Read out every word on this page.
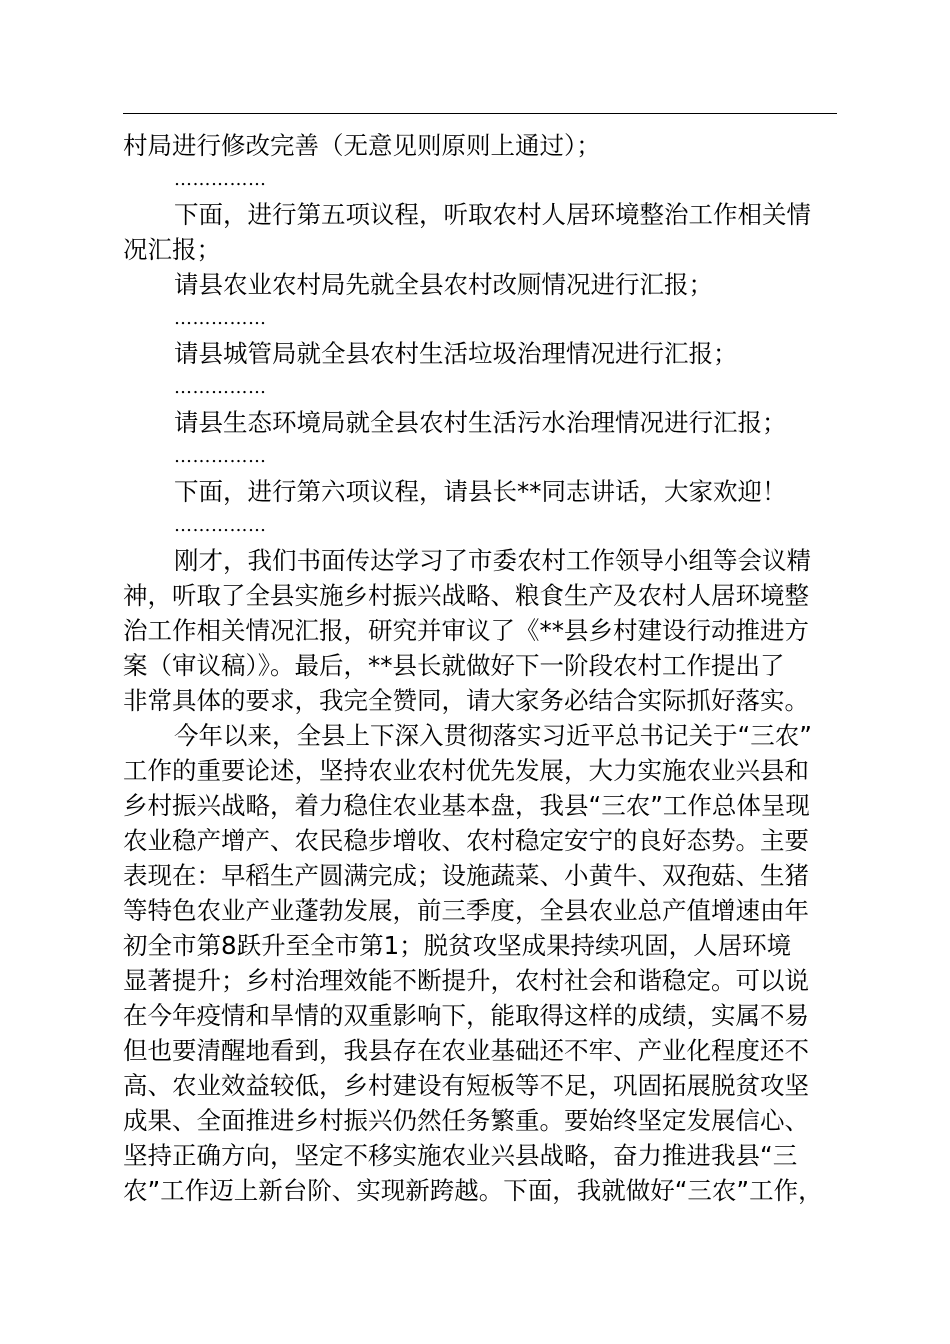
村局进行修改完善（无意见则原则上通过）；
……………
下面，进行第五项议程，听取农村人居环境整治工作相关情
况汇报；
请县农业农村局先就全县农村改厕情况进行汇报；
……………
请县城管局就全县农村生活垃圾治理情况进行汇报；
……………
请县生态环境局就全县农村生活污水治理情况进行汇报；
……………
下面，进行第六项议程，请县长**同志讲话，大家欢迎！
……………
刚才，我们书面传达学习了市委农村工作领导小组等会议精
神，听取了全县实施乡村振兴战略、粮食生产及农村人居环境整
治工作相关情况汇报，研究并审议了《**县乡村建设行动推进方
案（审议稿）》。最后，**县长就做好下一阶段农村工作提出了
非常具体的要求，我完全赞同，请大家务必结合实际抓好落实。
今年以来，全县上下深入贯彻落实习近平总书记关于“三农”
工作的重要论述，坚持农业农村优先发展，大力实施农业兴县和
乡村振兴战略，着力稳住农业基本盘，我县“三农”工作总体呈现
农业稳产增产、农民稳步增收、农村稳定安宁的良好态势。主要
表现在：早稻生产圆满完成；设施蔬菜、小黄牛、双孢菇、生猪
等特色农业产业蓬勃发展，前三季度，全县农业总产值增速由年
初全市第8跃升至全市第1；脱贫攻坚成果持续巩固，人居环境
显著提升；乡村治理效能不断提升，农村社会和谐稳定。可以说
在今年疫情和旱情的双重影响下，能取得这样的成绩，实属不易
但也要清醒地看到，我县存在农业基础还不牢、产业化程度还不
高、农业效益较低，乡村建设有短板等不足，巩固拓展脱贫攻坚
成果、全面推进乡村振兴仍然任务繁重。要始终坚定发展信心、
坚持正确方向，坚定不移实施农业兴县战略，奋力推进我县“三
农”工作迈上新台阶、实现新跨越。下面，我就做好“三农”工作，
